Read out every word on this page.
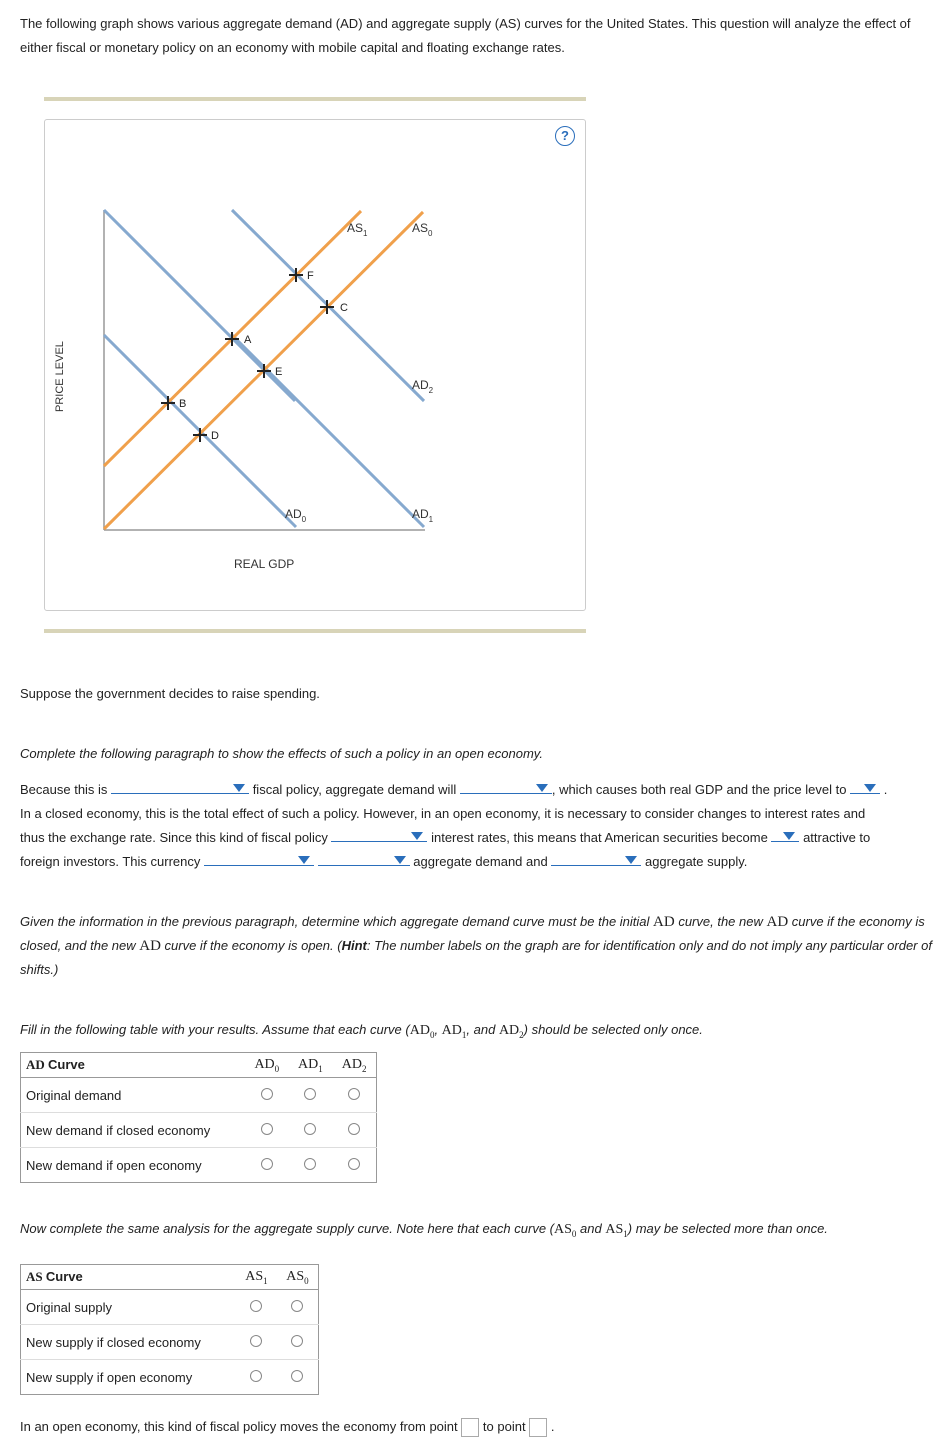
The following graph shows various aggregate demand (AD) and aggregate supply (AS) curves for the United States. This question will analyze the effect of either fiscal or monetary policy on an economy with mobile capital and floating exchange rates.

?
$AS_1$	$AS_0$
$AD_2$
$AD_0$	$AD_1$
F
C
A
E
B
D
PRICE LEVEL
REAL GDP

Suppose the government decides to raise spending.

Complete the following paragraph to show the effects of such a policy in an open economy.

Because this is	fiscal policy, aggregate demand will	, which causes both real GDP and the price level to	.
In a closed economy, this is the total effect of such a policy. However, in an open economy, it is necessary to consider changes to interest rates and
thus the exchange rate. Since this kind of fiscal policy	interest rates, this means that American securities become	attractive to
foreign investors. This currency
	aggregate demand and	aggregate supply.

Given the information in the previous paragraph, determine which aggregate demand curve must be the initial AD curve, the new AD curve if the economy is closed, and the new AD curve if the economy is open. (Hint: The number labels on the graph are for identification only and do not imply any particular order of shifts.)

Fill in the following table with your results. Assume that each curve ($AD_0$, $AD_1$, and $AD_2$) should be selected only once.

AD Curve	$AD_0$	$AD_1$	$AD_2$
Original demand			
New demand if closed economy			
New demand if open economy			

Now complete the same analysis for the aggregate supply curve. Note here that each curve ($AS_0$ and $AS_1$) may be selected more than once.

AS Curve	$AS_1$	$AS_0$
Original supply		
New supply if closed economy		
New supply if open economy		
In an open economy, this kind of fiscal policy moves the economy from point to point .
